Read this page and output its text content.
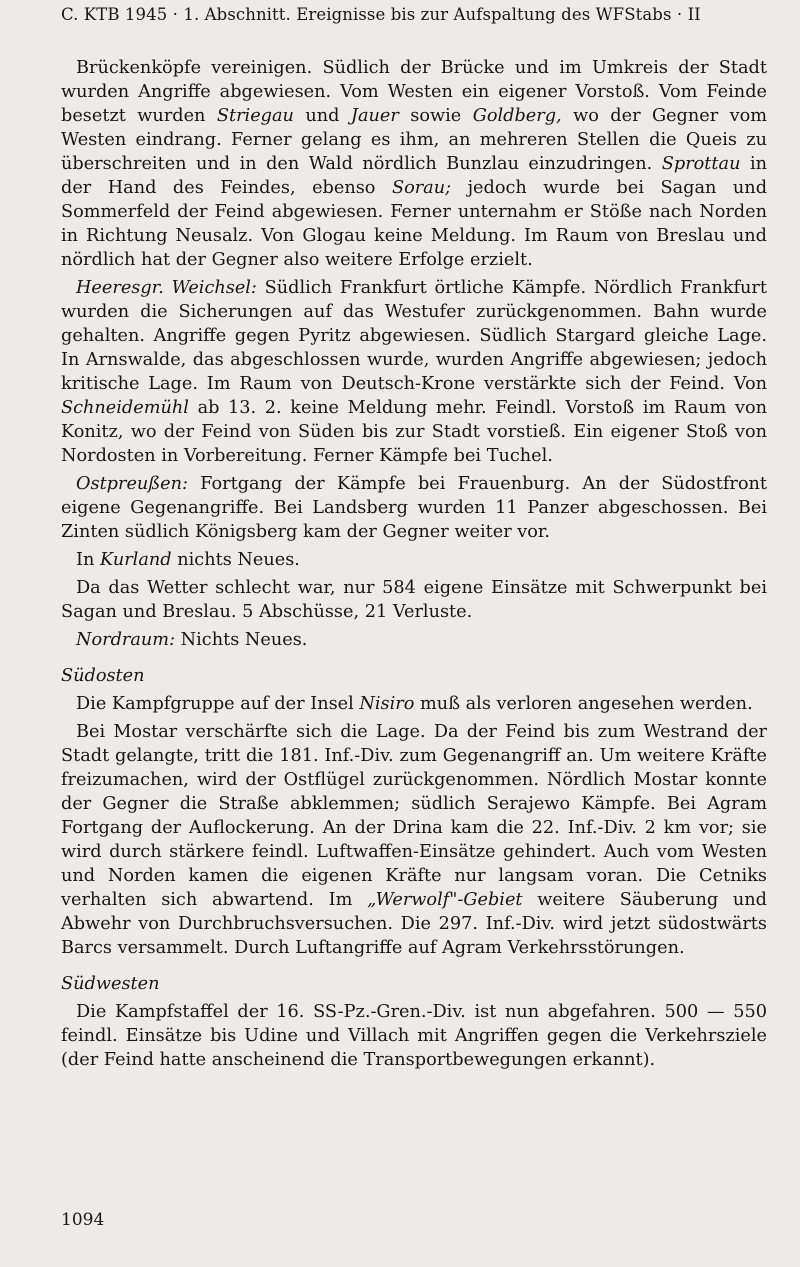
C. KTB 1945 · 1. Abschnitt. Ereignisse bis zur Aufspaltung des WFStabs · II

Brückenköpfe vereinigen. Südlich der Brücke und im Umkreis der Stadt wurden Angriffe abgewiesen. Vom Westen ein eigener Vorstoß. Vom Feinde besetzt wurden Striegau und Jauer sowie Goldberg, wo der Gegner vom Westen eindrang. Ferner gelang es ihm, an mehreren Stellen die Queis zu überschreiten und in den Wald nördlich Bunzlau einzudringen. Sprottau in der Hand des Feindes, ebenso Sorau; jedoch wurde bei Sagan und Sommerfeld der Feind abgewiesen. Ferner unternahm er Stöße nach Norden in Richtung Neusalz. Von Glogau keine Meldung. Im Raum von Breslau und nördlich hat der Gegner also weitere Erfolge erzielt.

Heeresgr. Weichsel: Südlich Frankfurt örtliche Kämpfe. Nördlich Frankfurt wurden die Sicherungen auf das Westufer zurückgenommen. Bahn wurde gehalten. Angriffe gegen Pyritz abgewiesen. Südlich Stargard gleiche Lage. In Arnswalde, das abgeschlossen wurde, wurden Angriffe abgewiesen; jedoch kritische Lage. Im Raum von Deutsch-Krone verstärkte sich der Feind. Von Schneidemühl ab 13. 2. keine Meldung mehr. Feindl. Vorstoß im Raum von Konitz, wo der Feind von Süden bis zur Stadt vorstieß. Ein eigener Stoß von Nordosten in Vorbereitung. Ferner Kämpfe bei Tuchel.

Ostpreußen: Fortgang der Kämpfe bei Frauenburg. An der Südostfront eigene Gegenangriffe. Bei Landsberg wurden 11 Panzer abgeschossen. Bei Zinten südlich Königsberg kam der Gegner weiter vor.

In Kurland nichts Neues.

Da das Wetter schlecht war, nur 584 eigene Einsätze mit Schwerpunkt bei Sagan und Breslau. 5 Abschüsse, 21 Verluste.

Nordraum: Nichts Neues.

Südosten

Die Kampfgruppe auf der Insel Nisiro muß als verloren angesehen werden.

Bei Mostar verschärfte sich die Lage. Da der Feind bis zum Westrand der Stadt gelangte, tritt die 181. Inf.-Div. zum Gegenangriff an. Um weitere Kräfte freizumachen, wird der Ostflügel zurückgenommen. Nördlich Mostar konnte der Gegner die Straße abklemmen; südlich Serajewo Kämpfe. Bei Agram Fortgang der Auflockerung. An der Drina kam die 22. Inf.-Div. 2 km vor; sie wird durch stärkere feindl. Luftwaffen-Einsätze gehindert. Auch vom Westen und Norden kamen die eigenen Kräfte nur langsam voran. Die Cetniks verhalten sich abwartend. Im „Werwolf"-Gebiet weitere Säuberung und Abwehr von Durchbruchsversuchen. Die 297. Inf.-Div. wird jetzt südostwärts Barcs versammelt. Durch Luftangriffe auf Agram Verkehrsstörungen.

Südwesten

Die Kampfstaffel der 16. SS-Pz.-Gren.-Div. ist nun abgefahren. 500 — 550 feindl. Einsätze bis Udine und Villach mit Angriffen gegen die Verkehrsziele (der Feind hatte anscheinend die Transportbewegungen erkannt).

1094
